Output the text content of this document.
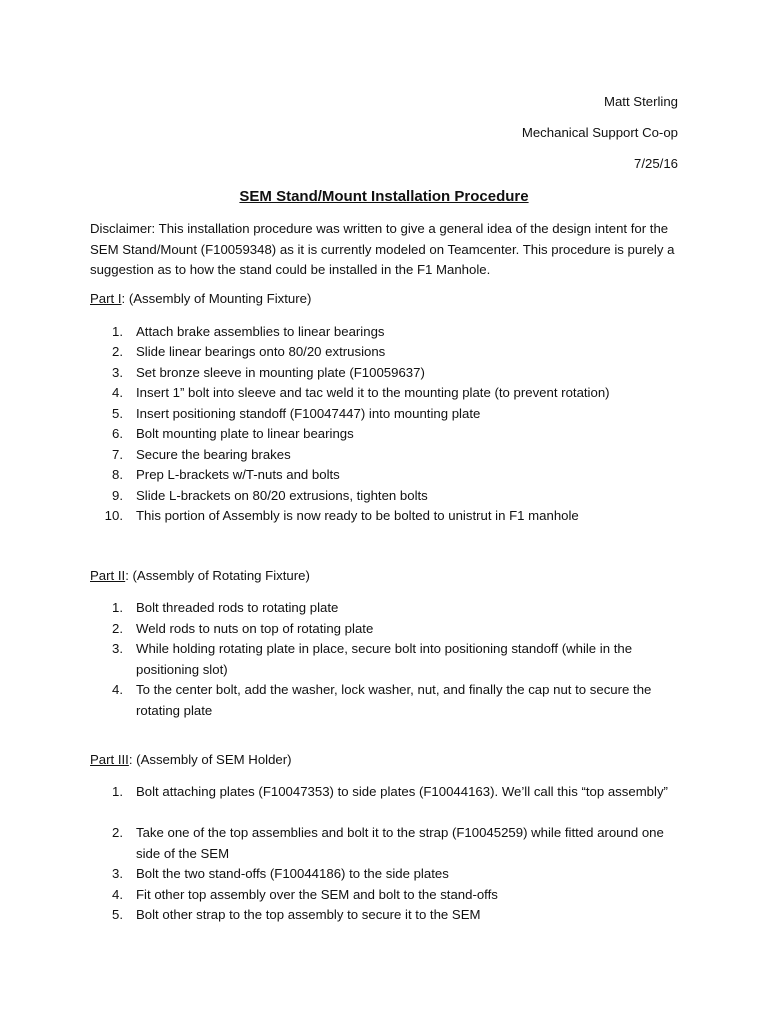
Matt Sterling
Mechanical Support Co-op
7/25/16
SEM Stand/Mount Installation Procedure
Disclaimer: This installation procedure was written to give a general idea of the design intent for the SEM Stand/Mount (F10059348) as it is currently modeled on Teamcenter. This procedure is purely a suggestion as to how the stand could be installed in the F1 Manhole.
Part I: (Assembly of Mounting Fixture)
1. Attach brake assemblies to linear bearings
2. Slide linear bearings onto 80/20 extrusions
3. Set bronze sleeve in mounting plate (F10059637)
4. Insert 1” bolt into sleeve and tac weld it to the mounting plate (to prevent rotation)
5. Insert positioning standoff (F10047447) into mounting plate
6. Bolt mounting plate to linear bearings
7. Secure the bearing brakes
8. Prep L-brackets w/T-nuts and bolts
9. Slide L-brackets on 80/20 extrusions, tighten bolts
10. This portion of Assembly is now ready to be bolted to unistrut in F1 manhole
Part II: (Assembly of Rotating Fixture)
1. Bolt threaded rods to rotating plate
2. Weld rods to nuts on top of rotating plate
3. While holding rotating plate in place, secure bolt into positioning standoff (while in the positioning slot)
4. To the center bolt, add the washer, lock washer, nut, and finally the cap nut to secure the rotating plate
Part III: (Assembly of SEM Holder)
1. Bolt attaching plates (F10047353) to side plates (F10044163). We’ll call this “top assembly”
2. Take one of the top assemblies and bolt it to the strap (F10045259) while fitted around one side of the SEM
3. Bolt the two stand-offs (F10044186) to the side plates
4. Fit other top assembly over the SEM and bolt to the stand-offs
5. Bolt other strap to the top assembly to secure it to the SEM
